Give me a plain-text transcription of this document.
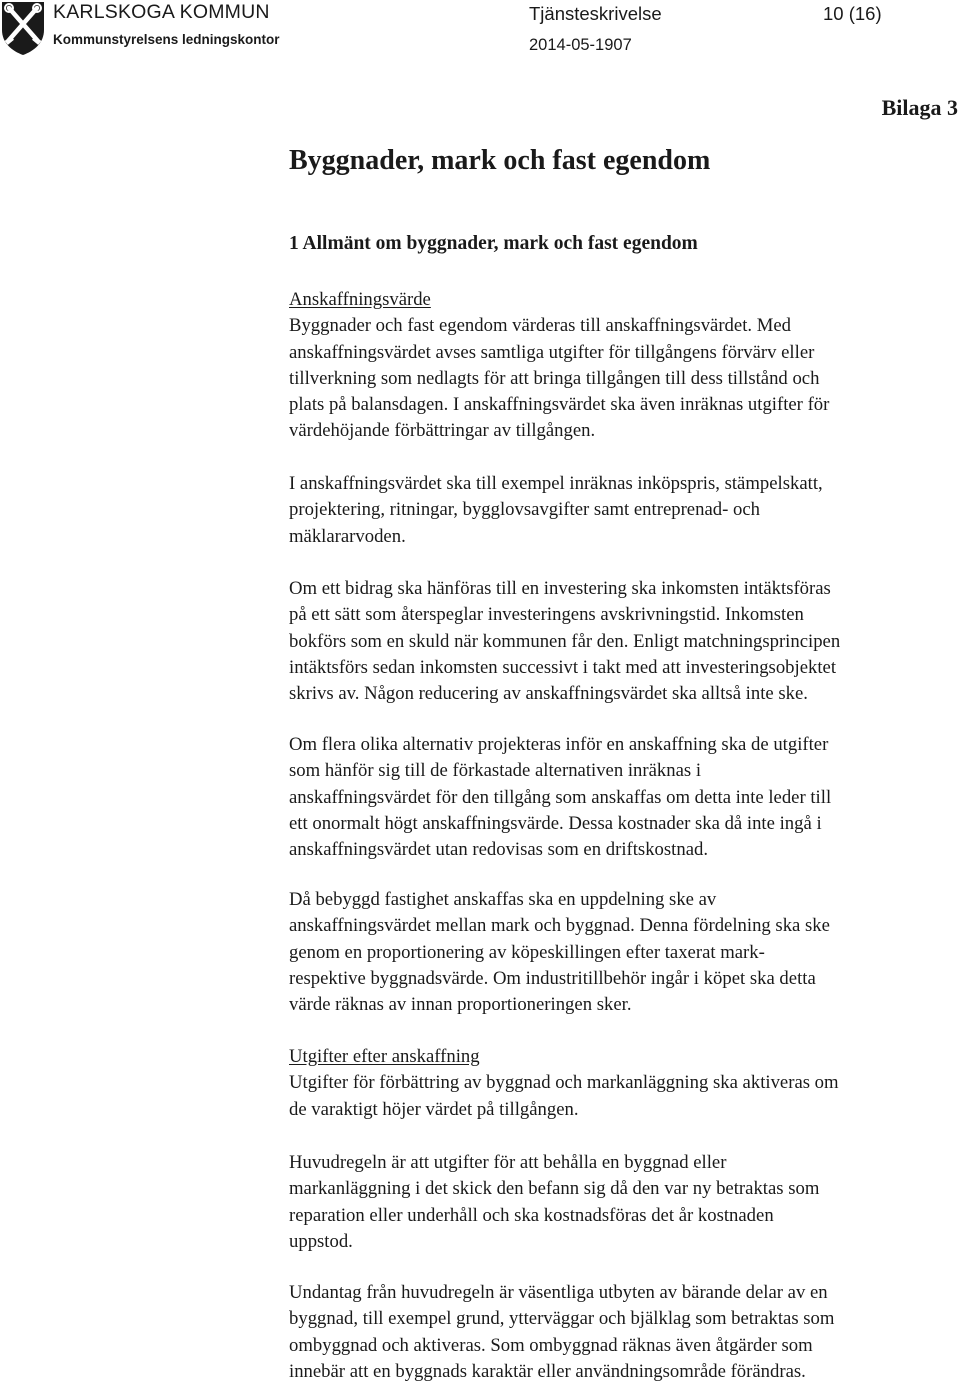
KARLSKOGA KOMMUN
Kommunstyrelsens ledningskontor
Tjänsteskrivelse	10 (16)
2014-05-1907
Bilaga 3
Byggnader, mark och fast egendom
1 Allmänt om byggnader, mark och fast egendom
Anskaffningsvärde
Byggnader och fast egendom värderas till anskaffningsvärdet. Med
anskaffningsvärdet avses samtliga utgifter för tillgångens förvärv eller
tillverkning som nedlagts för att bringa tillgången till dess tillstånd och
plats på balansdagen. I anskaffningsvärdet ska även inräknas utgifter för
värdehöjande förbättringar av tillgången.

I anskaffningsvärdet ska till exempel inräknas inköpspris, stämpelskatt,
projektering, ritningar, bygglovsavgifter samt entreprenad- och
mäklararvoden.

Om ett bidrag ska hänföras till en investering ska inkomsten intäktsföras
på ett sätt som återspeglar investeringens avskrivningstid. Inkomsten
bokförs som en skuld när kommunen får den. Enligt matchningsprincipen
intäktsförs sedan inkomsten successivt i takt med att investeringsobjektet
skrivs av. Någon reducering av anskaffningsvärdet ska alltså inte ske.

Om flera olika alternativ projekteras inför en anskaffning ska de utgifter
som hänför sig till de förkastade alternativen inräknas i
anskaffningsvärdet för den tillgång som anskaffas om detta inte leder till
ett onormalt högt anskaffningsvärde. Dessa kostnader ska då inte ingå i
anskaffningsvärdet utan redovisas som en driftskostnad.

Då bebyggd fastighet anskaffas ska en uppdelning ske av
anskaffningsvärdet mellan mark och byggnad. Denna fördelning ska ske
genom en proportionering av köpeskillingen efter taxerat mark-
respektive byggnadsvärde. Om industritillbehör ingår i köpet ska detta
värde räknas av innan proportioneringen sker.

Utgifter efter anskaffning
Utgifter för förbättring av byggnad och markanläggning ska aktiveras om
de varaktigt höjer värdet på tillgången.

Huvudregeln är att utgifter för att behålla en byggnad eller
markanläggning i det skick den befann sig då den var ny betraktas som
reparation eller underhåll och ska kostnadsföras det år kostnaden
uppstod.

Undantag från huvudregeln är väsentliga utbyten av bärande delar av en
byggnad, till exempel grund, ytterväggar och bjälklag som betraktas som
ombyggnad och aktiveras. Som ombyggnad räknas även åtgärder som
innebär att en byggnads karaktär eller användningsområde förändras.
